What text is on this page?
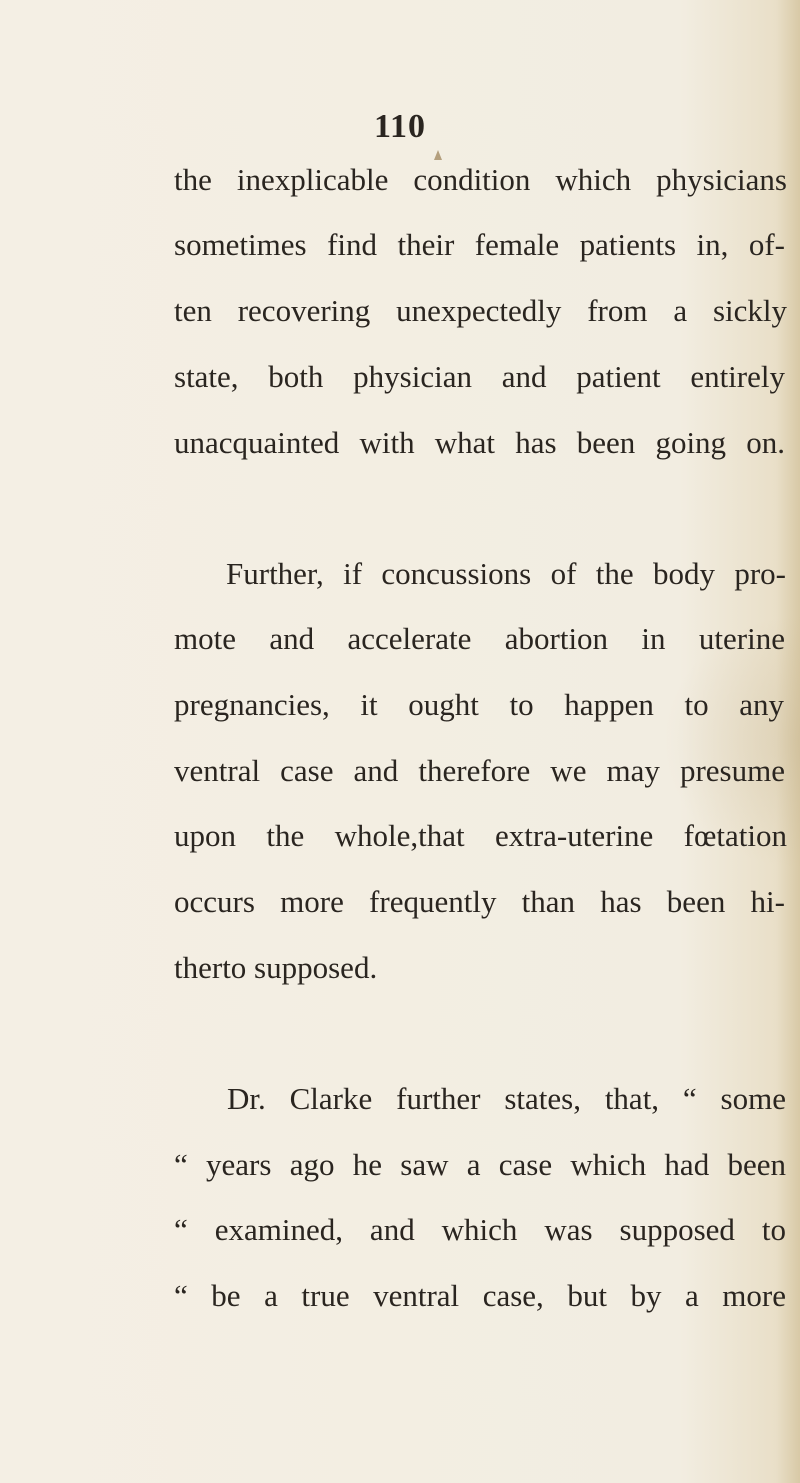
110
the inexplicable condition which physicians
sometimes find their female patients in, of-
ten recovering unexpectedly from a sickly
state, both physician and patient entirely
unacquainted with what has been going on.
Further, if concussions of the body pro-
mote and accelerate abortion in uterine
pregnancies, it ought to happen to any
ventral case and therefore we may presume
upon the whole,that extra-uterine fœtation
occurs more frequently than has been hi-
therto supposed.
Dr. Clarke further states, that, “ some
“ years ago he saw a case which had been
“ examined, and which was supposed to
“ be a true ventral case, but by a more
